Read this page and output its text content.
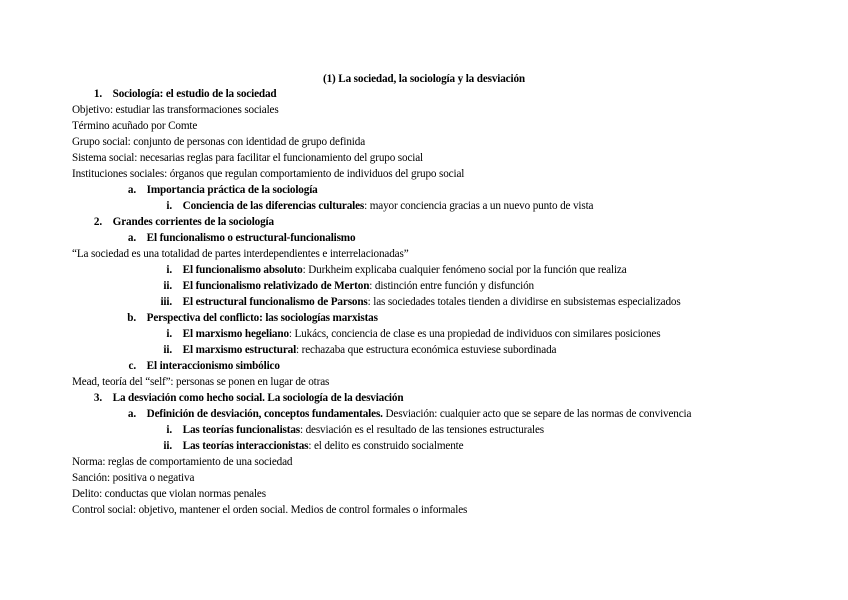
(1) La sociedad, la sociología y la desviación
1. Sociología: el estudio de la sociedad
Objetivo: estudiar las transformaciones sociales
Término acuñado por Comte
Grupo social: conjunto de personas con identidad de grupo definida
Sistema social: necesarias reglas para facilitar el funcionamiento del grupo social
Instituciones sociales: órganos que regulan comportamiento de individuos del grupo social
a. Importancia práctica de la sociología
i. Conciencia de las diferencias culturales: mayor conciencia gracias a un nuevo punto de vista
2. Grandes corrientes de la sociología
a. El funcionalismo o estructural-funcionalismo
“La sociedad es una totalidad de partes interdependientes e interrelacionadas”
i. El funcionalismo absoluto: Durkheim explicaba cualquier fenómeno social por la función que realiza
ii. El funcionalismo relativizado de Merton: distinción entre función y disfunción
iii. El estructural funcionalismo de Parsons: las sociedades totales tienden a dividirse en subsistemas especializados
b. Perspectiva del conflicto: las sociologías marxistas
i. El marxismo hegeliano: Lukács, conciencia de clase es una propiedad de individuos con similares posiciones
ii. El marxismo estructural: rechazaba que estructura económica estuviese subordinada
c. El interaccionismo simbólico
Mead, teoría del “self”: personas se ponen en lugar de otras
3. La desviación como hecho social. La sociología de la desviación
a. Definición de desviación, conceptos fundamentales. Desviación: cualquier acto que se separe de las normas de convivencia
i. Las teorías funcionalistas: desviación es el resultado de las tensiones estructurales
ii. Las teorías interaccionistas: el delito es construido socialmente
Norma: reglas de comportamiento de una sociedad
Sanción: positiva o negativa
Delito: conductas que violan normas penales
Control social: objetivo, mantener el orden social. Medios de control formales o informales
